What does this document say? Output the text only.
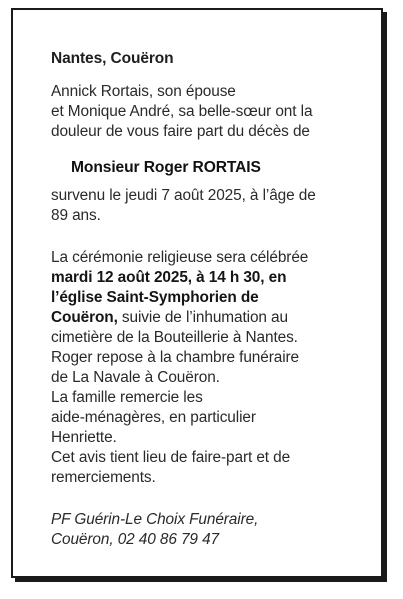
Nantes, Couëron
Annick Rortais, son épouse
et Monique André, sa belle-sœur ont la
douleur de vous faire part du décès de
Monsieur Roger RORTAIS
survenu le jeudi 7 août 2025, à l’âge de
89 ans.
La cérémonie religieuse sera célébrée
mardi 12 août 2025, à 14 h 30, en
l’église Saint-Symphorien de
Couëron, suivie de l’inhumation au
cimetière de la Bouteillerie à Nantes.
Roger repose à la chambre funéraire
de La Navale à Couëron.
La famille remercie les
aide-ménagères, en particulier
Henriette.
Cet avis tient lieu de faire-part et de
remerciements.
PF Guérin-Le Choix Funéraire,
Couëron, 02 40 86 79 47
